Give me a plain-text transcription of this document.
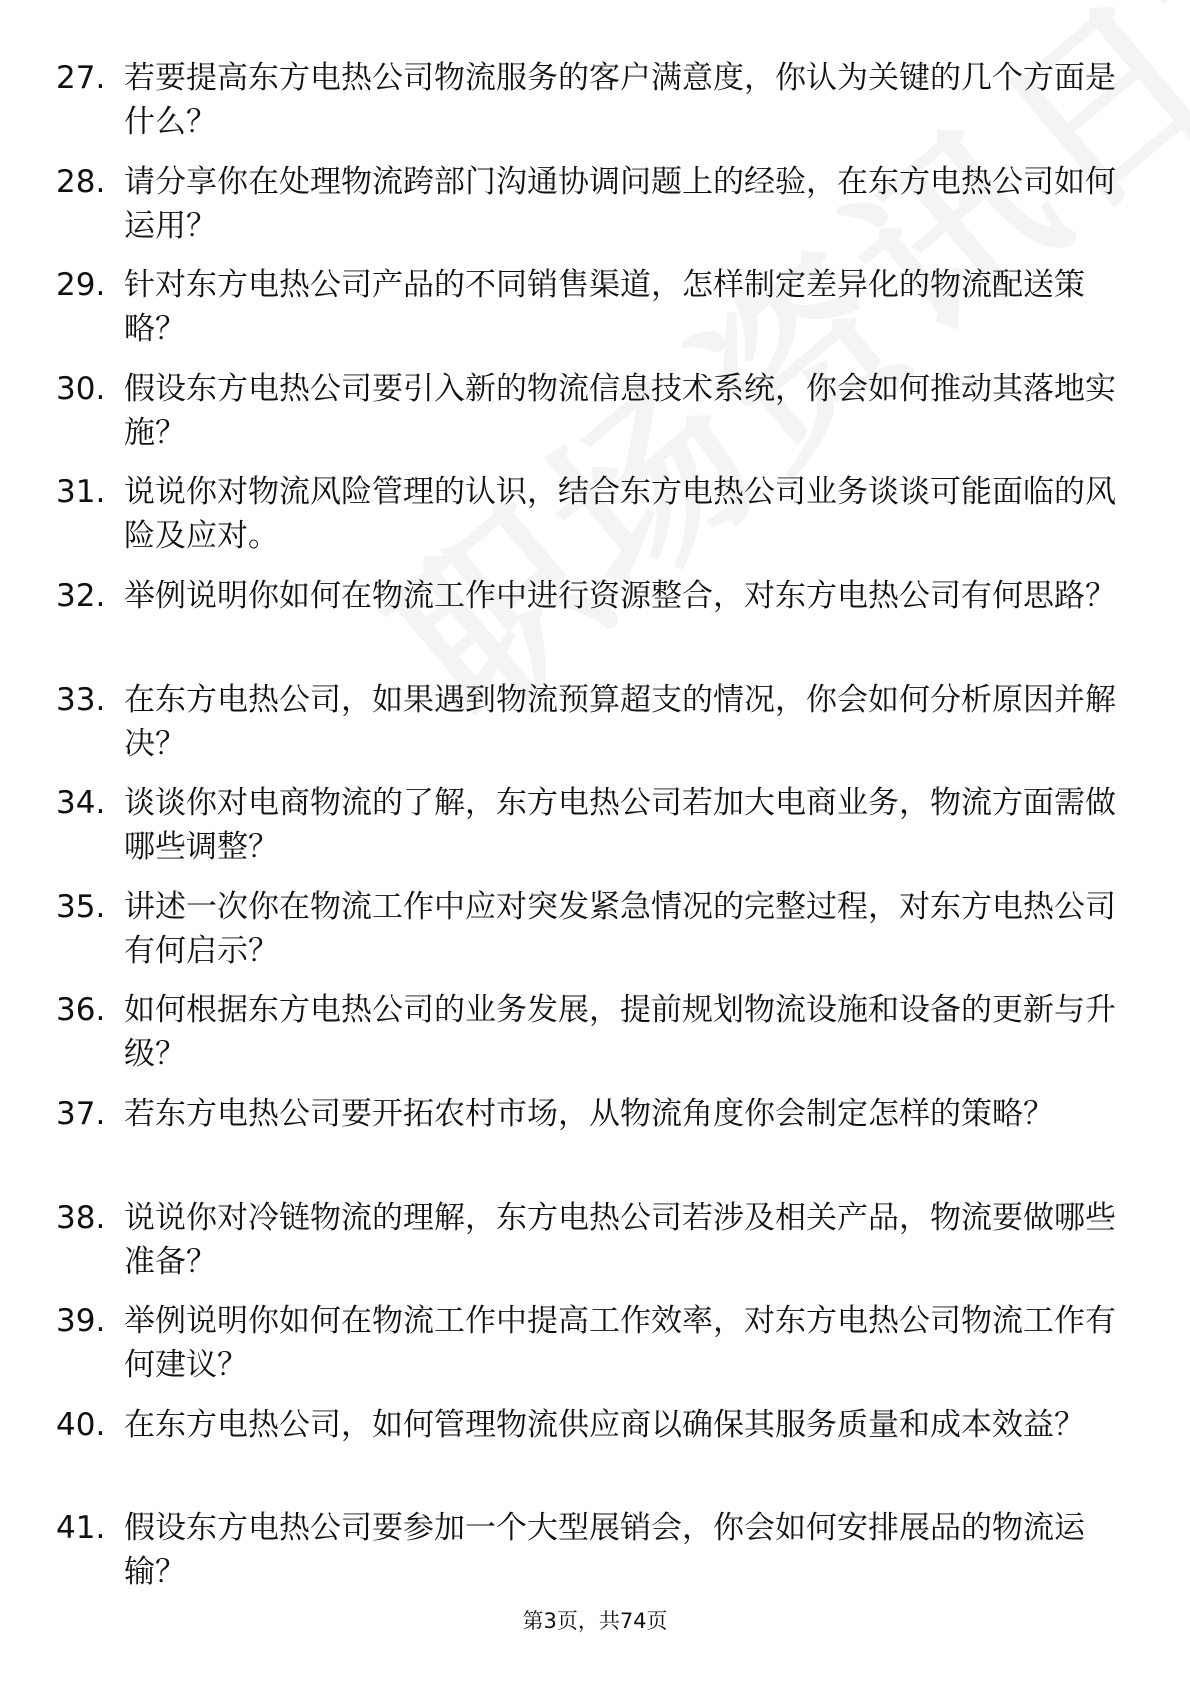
27. 若要提高东方电热公司物流服务的客户满意度，你认为关键的几个方面是什么？
28. 请分享你在处理物流跨部门沟通协调问题上的经验，在东方电热公司如何运用？
29. 针对东方电热公司产品的不同销售渠道，怎样制定差异化的物流配送策略？
30. 假设东方电热公司要引入新的物流信息技术系统，你会如何推动其落地实施？
31. 说说你对物流风险管理的认识，结合东方电热公司业务谈谈可能面临的风险及应对。
32. 举例说明你如何在物流工作中进行资源整合，对东方电热公司有何思路？
33. 在东方电热公司，如果遇到物流预算超支的情况，你会如何分析原因并解决？
34. 谈谈你对电商物流的了解，东方电热公司若加大电商业务，物流方面需做哪些调整？
35. 讲述一次你在物流工作中应对突发紧急情况的完整过程，对东方电热公司有何启示？
36. 如何根据东方电热公司的业务发展，提前规划物流设施和设备的更新与升级？
37. 若东方电热公司要开拓农村市场，从物流角度你会制定怎样的策略？
38. 说说你对冷链物流的理解，东方电热公司若涉及相关产品，物流要做哪些准备？
39. 举例说明你如何在物流工作中提高工作效率，对东方电热公司物流工作有何建议？
40. 在东方电热公司，如何管理物流供应商以确保其服务质量和成本效益？
41. 假设东方电热公司要参加一个大型展销会，你会如何安排展品的物流运输？
第3页，共74页
